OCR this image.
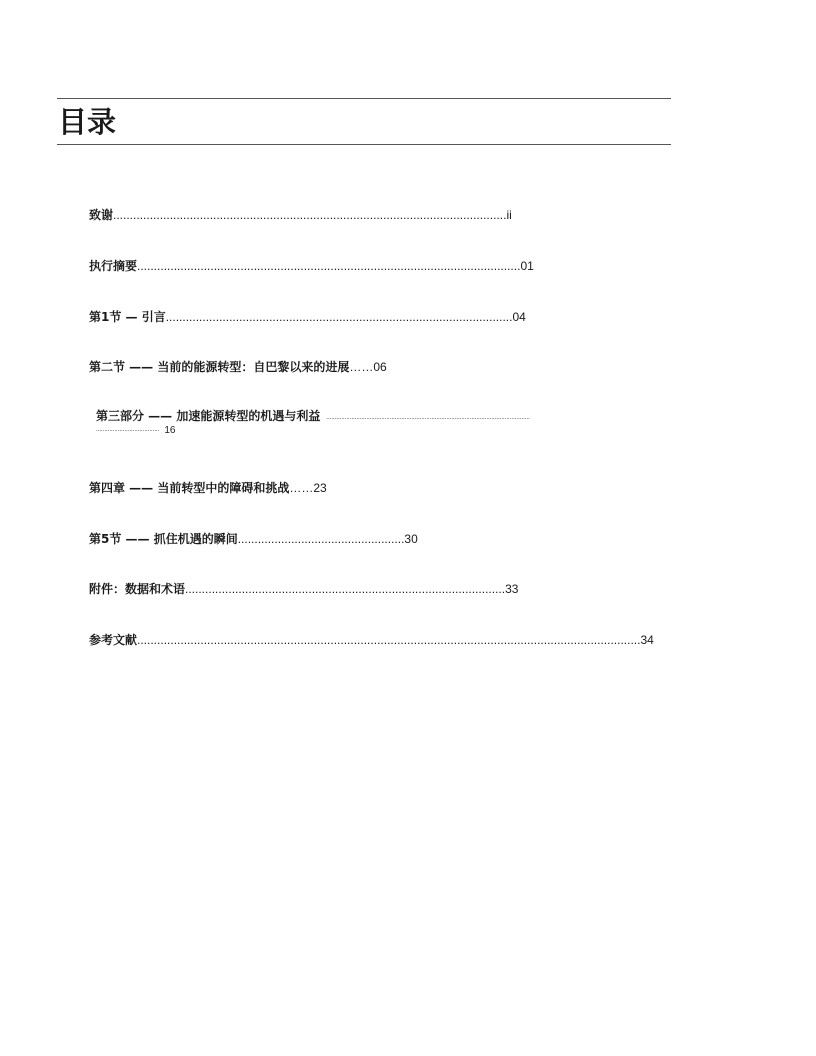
目录
致谢......................................................................................................................ii
执行摘要...................................................................................................................01
第1节 — 引言........................................................................................................04
第二节 —— 当前的能源转型：自巴黎以来的进展……06
第三部分 —— 加速能源转型的机遇与利益 ..........................................................................................................................
...................................... 16
第四章 —— 当前转型中的障碍和挑战……23
第5节 —— 抓住机遇的瞬间..................................................30
附件：数据和术语................................................................................................33
参考文献.......................................................................................................................................................34
